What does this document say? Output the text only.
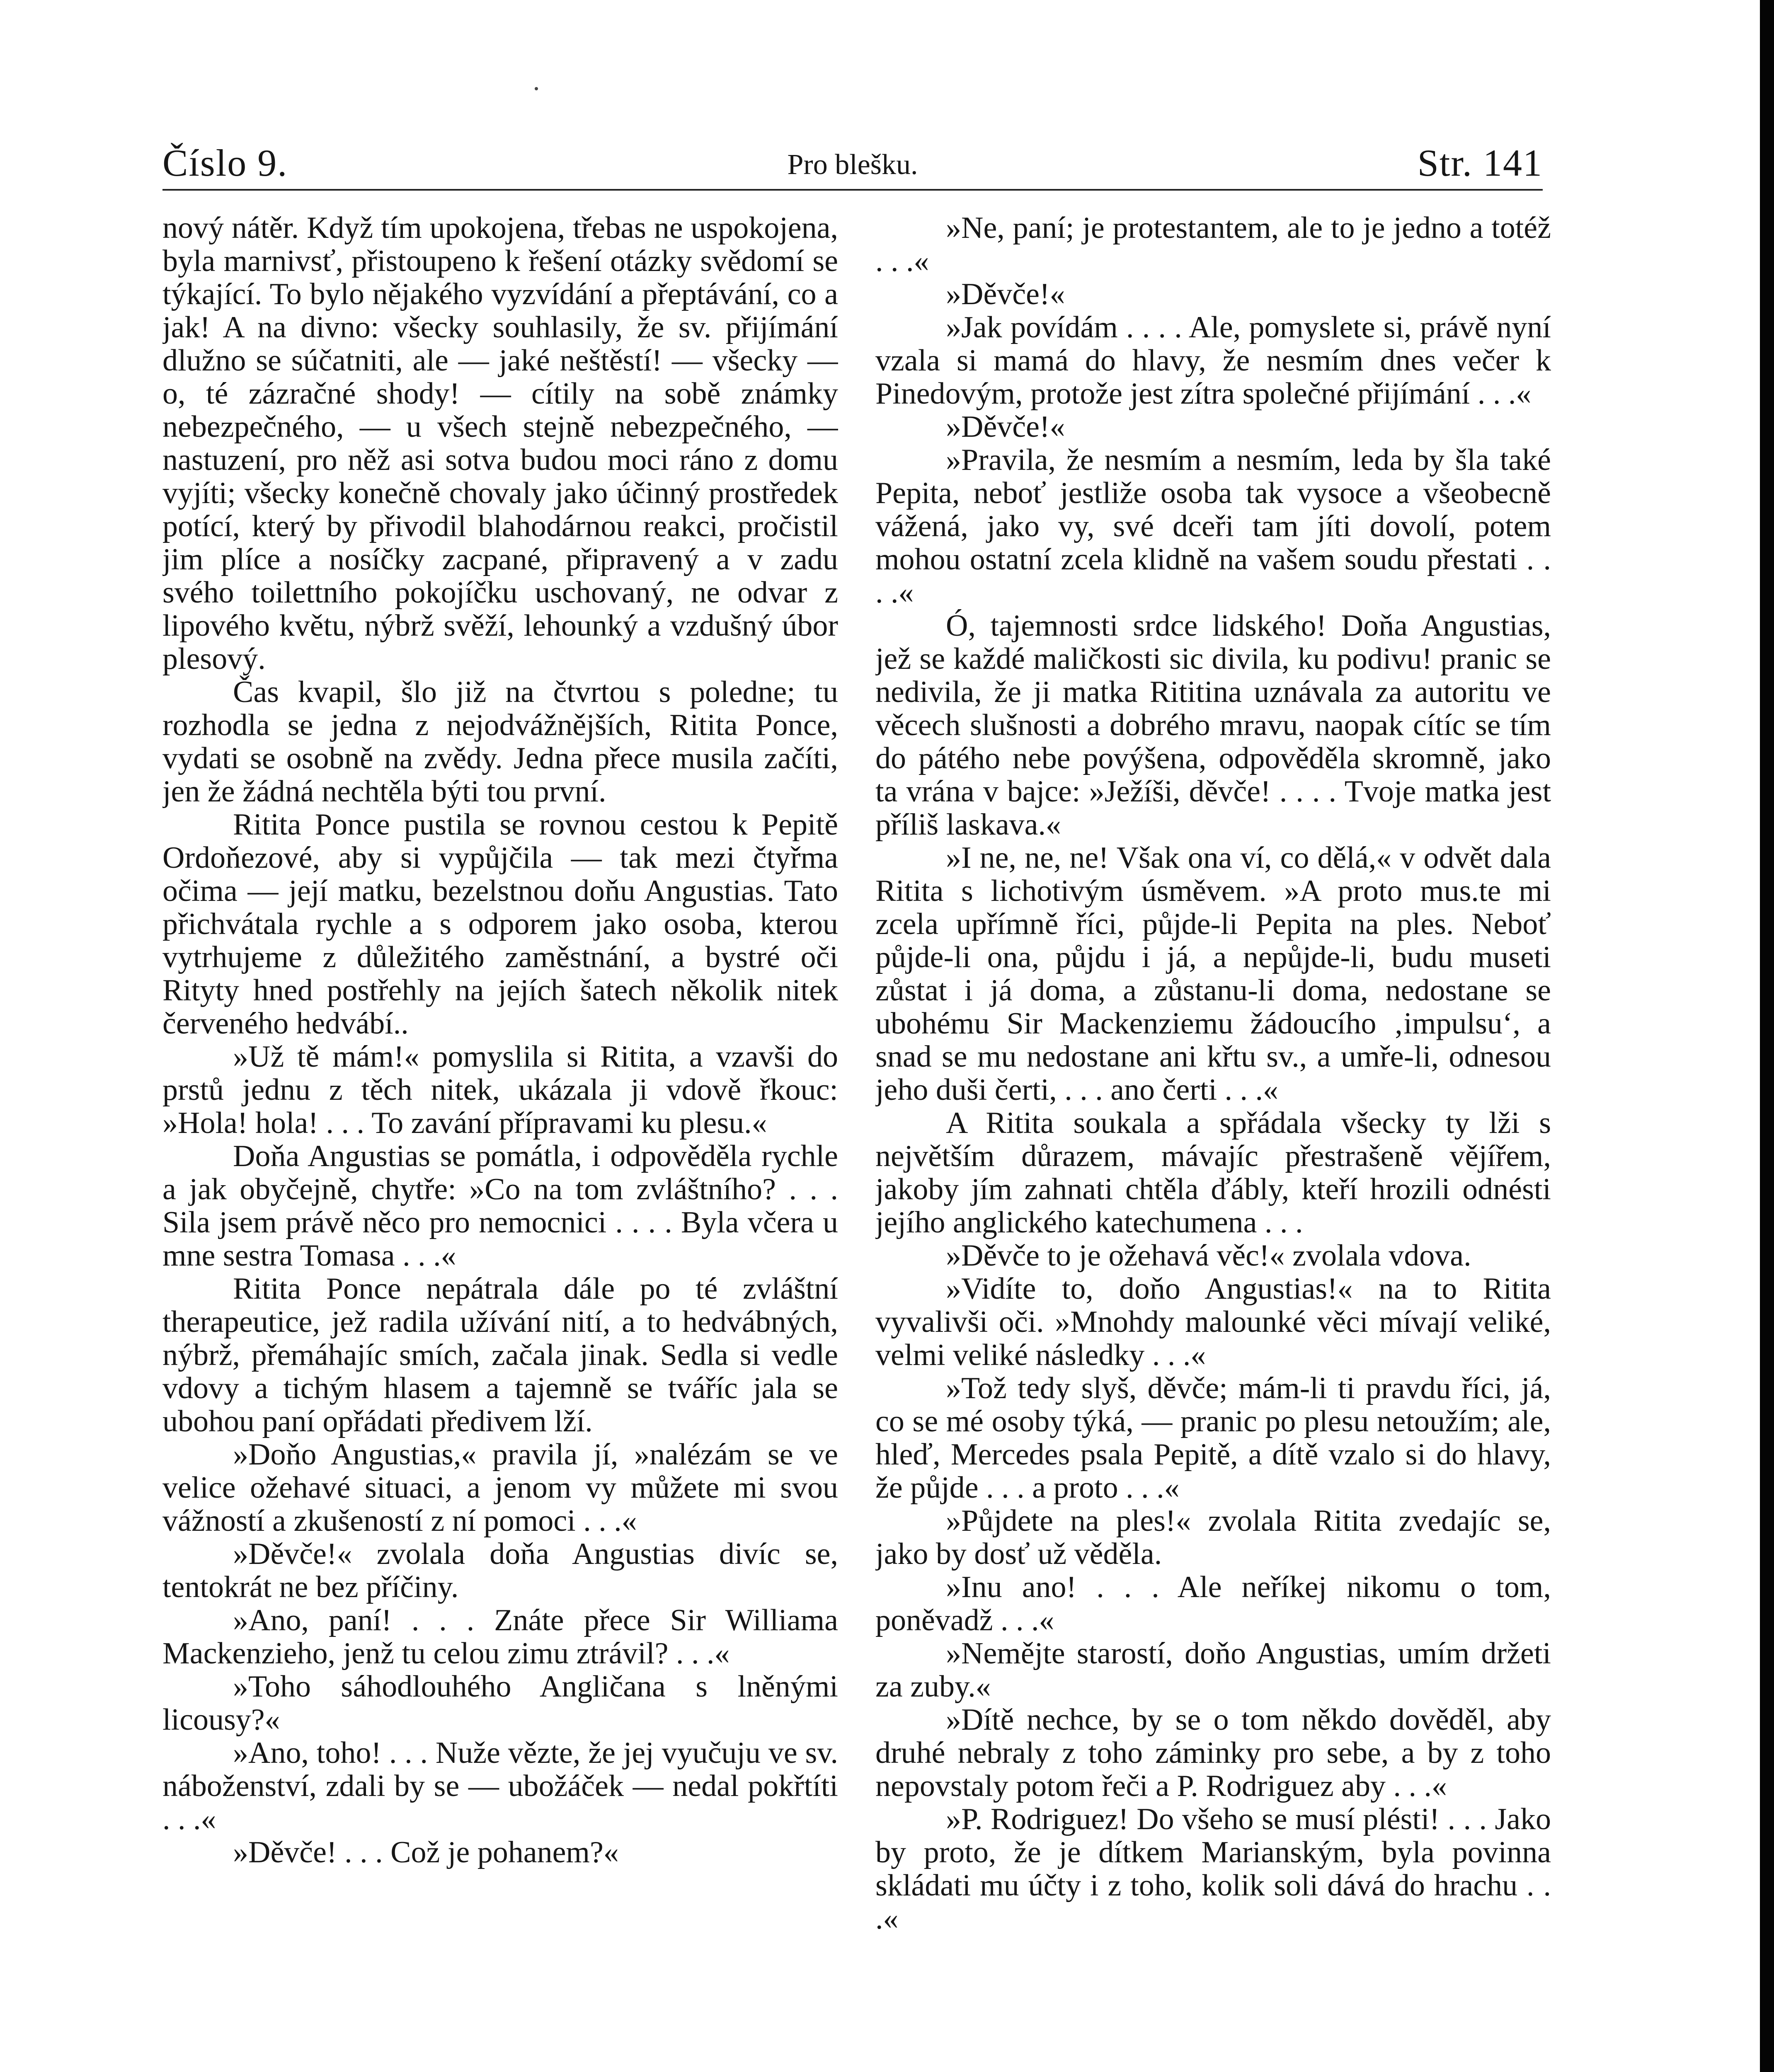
Číslo 9.	Pro blešku.	Str. 141

nový nátěr. Když tím upokojena, třebas ne uspokojena, byla marnivsť, přistoupeno k řešení otázky svědomí se týkající. To bylo nějakého vyzvídání a přeptávání, co a jak! A na divno: všecky souhlasily, že sv. přijímání dlužno se súčatniti, ale — jaké neštěstí! — všecky — o, té zázračné shody! — cítily na sobě známky nebezpečného, — u všech stejně nebezpečného, — nastuzení, pro něž asi sotva budou moci ráno z domu vyjíti; všecky konečně chovaly jako účinný prostředek potící, který by přivodil blahodárnou reakci, pročistil jim plíce a nosíčky zacpané, připravený a v zadu svého toilettního pokojíčku uschovaný, ne odvar z lipového květu, nýbrž svěží, lehounký a vzdušný úbor plesový.

Čas kvapil, šlo již na čtvrtou s poledne; tu rozhodla se jedna z nejodvážnějších, Ritita Ponce, vydati se osobně na zvědy. Jedna přece musila začíti, jen že žádná nechtěla býti tou první.

Ritita Ponce pustila se rovnou cestou k Pepitě Ordoňezové, aby si vypůjčila — tak mezi čtyřma očima — její matku, bezelstnou doňu Angustias. Tato přichvátala rychle a s odporem jako osoba, kterou vytrhujeme z důležitého zaměstnání, a bystré oči Rityty hned postřehly na jejích šatech několik nitek červeného hedvábí..

»Už tě mám!« pomyslila si Ritita, a vzavši do prstů jednu z těch nitek, ukázala ji vdově řkouc: »Hola! hola! . . . To zavání přípravami ku plesu.«

Doňa Angustias se pomátla, i odpověděla rychle a jak obyčejně, chytře: »Co na tom zvláštního? . . . Sila jsem právě něco pro nemocnici . . . . Byla včera u mne sestra Tomasa . . .«

Ritita Ponce nepátrala dále po té zvláštní therapeutice, jež radila užívání nití, a to hedvábných, nýbrž, přemáhajíc smích, začala jinak. Sedla si vedle vdovy a tichým hlasem a tajemně se tváříc jala se ubohou paní opřádati předivem lží.

»Doňo Angustias,« pravila jí, »nalézám se ve velice ožehavé situaci, a jenom vy můžete mi svou vážností a zkušeností z ní pomoci . . .«

»Děvče!« zvolala doňa Angustias divíc se, tentokrát ne bez příčiny.

»Ano, paní! . . . Znáte přece Sir Williama Mackenzieho, jenž tu celou zimu ztrávil? . . .«

»Toho sáhodlouhého Angličana s lněnými licousy?«

»Ano, toho! . . . Nuže vězte, že jej vyučuju ve sv. náboženství, zdali by se — ubožáček — nedal pokřtíti . . .«

»Děvče! . . . Což je pohanem?«

»Ne, paní; je protestantem, ale to je jedno a totéž . . .«

»Děvče!«

»Jak povídám . . . . Ale, pomyslete si, právě nyní vzala si mamá do hlavy, že nesmím dnes večer k Pinedovým, protože jest zítra společné přijímání . . .«

»Děvče!«

»Pravila, že nesmím a nesmím, leda by šla také Pepita, neboť jestliže osoba tak vysoce a všeobecně vážená, jako vy, své dceři tam jíti dovolí, potem mohou ostatní zcela klidně na vašem soudu přestati . . . .«

Ó, tajemnosti srdce lidského! Doňa Angustias, jež se každé maličkosti sic divila, ku podivu! pranic se nedivila, že ji matka Rititina uznávala za autoritu ve věcech slušnosti a dobrého mravu, naopak cítíc se tím do pátého nebe povýšena, odpověděla skromně, jako ta vrána v bajce: »Ježíši, děvče! . . . . Tvoje matka jest příliš laskava.«

»I ne, ne, ne! Však ona ví, co dělá,« v odvět dala Ritita s lichotivým úsměvem. »A proto mus.te mi zcela upřímně říci, půjde-li Pepita na ples. Neboť půjde-li ona, půjdu i já, a nepůjde-li, budu museti zůstat i já doma, a zůstanu-li doma, nedostane se ubohému Sir Mackenziemu žádoucího ‚impulsu‘, a snad se mu nedostane ani křtu sv., a umře-li, odnesou jeho duši čerti, . . . ano čerti . . .«

A Ritita soukala a spřádala všecky ty lži s největším důrazem, mávajíc přestrašeně vějířem, jakoby jím zahnati chtěla ďábly, kteří hrozili odnésti jejího anglického katechumena . . .

»Děvče to je ožehavá věc!« zvolala vdova.

»Vidíte to, doňo Angustias!« na to Ritita vyvalivši oči. »Mnohdy malounké věci mívají veliké, velmi veliké následky . . .«

»Tož tedy slyš, děvče; mám-li ti pravdu říci, já, co se mé osoby týká, — pranic po plesu netoužím; ale, hleď, Mercedes psala Pepitě, a dítě vzalo si do hlavy, že půjde . . . a proto . . .«

»Půjdete na ples!« zvolala Ritita zvedajíc se, jako by dosť už věděla.

»Inu ano! . . . Ale neříkej nikomu o tom, poněvadž . . .«

»Nemějte starostí, doňo Angustias, umím držeti za zuby.«

»Dítě nechce, by se o tom někdo dověděl, aby druhé nebraly z toho záminky pro sebe, a by z toho nepovstaly potom řeči a P. Rodriguez aby . . .«

»P. Rodriguez! Do všeho se musí plésti! . . . Jako by proto, že je dítkem Marianským, byla povinna skládati mu účty i z toho, kolik soli dává do hrachu . . .«
